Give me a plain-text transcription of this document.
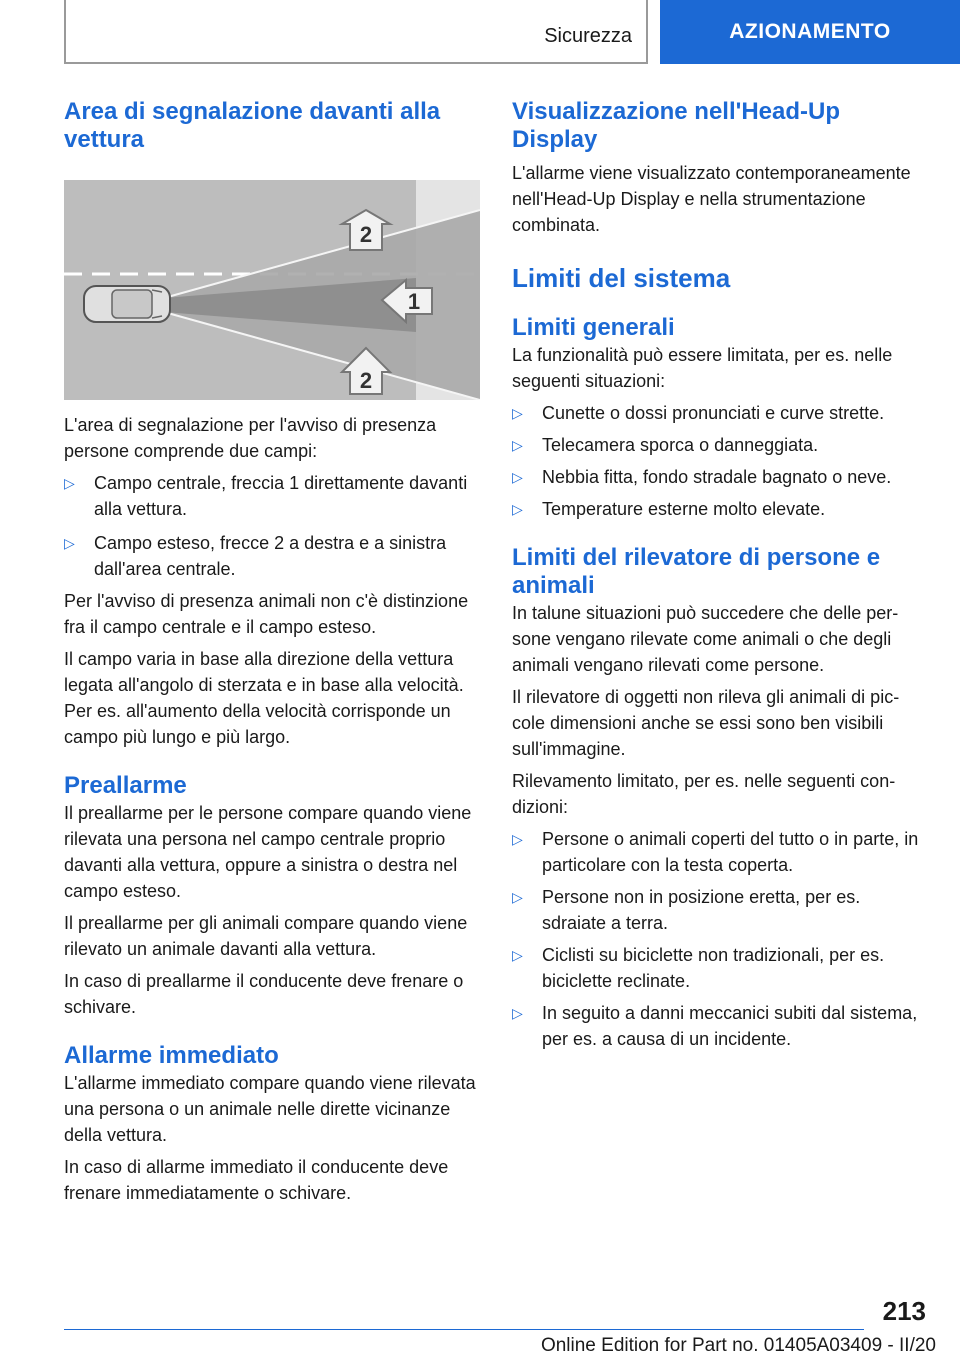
Sicurezza	AZIONAMENTO
Area di segnalazione davanti alla vettura
2
1
2

L'area di segnalazione per l'avviso di presenza persone comprende due campi:

▷ Campo centrale, freccia 1 direttamente davanti alla vettura.
▷ Campo esteso, frecce 2 a destra e a sinistra dall'area centrale.

Per l'avviso di presenza animali non c'è distinzione fra il campo centrale e il campo esteso.

Il campo varia in base alla direzione della vettura legata all'angolo di sterzata e in base alla velocità. Per es. all'aumento della velocità corrisponde un campo più lungo e più largo.

Preallarme

Il preallarme per le persone compare quando viene rilevata una persona nel campo centrale proprio davanti alla vettura, oppure a sinistra o destra nel campo esteso.

Il preallarme per gli animali compare quando viene rilevato un animale davanti alla vettura.

In caso di preallarme il conducente deve frenare o schivare.

Allarme immediato

L'allarme immediato compare quando viene rilevata una persona o un animale nelle dirette vicinanze della vettura.

In caso di allarme immediato il conducente deve frenare immediatamente o schivare.

Visualizzazione nell'Head-Up Display

L'allarme viene visualizzato contemporaneamente nell'Head-Up Display e nella strumentazione combinata.

Limiti del sistema
Limiti generali

La funzionalità può essere limitata, per es. nelle seguenti situazioni:

▷ Cunette o dossi pronunciati e curve strette.
▷ Telecamera sporca o danneggiata.
▷ Nebbia fitta, fondo stradale bagnato o neve.
▷ Temperature esterne molto elevate.
Limiti del rilevatore di persone e animali

In talune situazioni può succedere che delle persone vengano rilevate come animali o che degli animali vengano rilevati come persone.

Il rilevatore di oggetti non rileva gli animali di piccole dimensioni anche se essi sono ben visibili sull'immagine.

Rilevamento limitato, per es. nelle seguenti condizioni:

▷ Persone o animali coperti del tutto o in parte, in particolare con la testa coperta.
▷ Persone non in posizione eretta, per es. sdraiate a terra.
▷ Ciclisti su biciclette non tradizionali, per es. biciclette reclinate.
▷ In seguito a danni meccanici subiti dal sistema, per es. a causa di un incidente.
213
Online Edition for Part no. 01405A03409 - II/20
